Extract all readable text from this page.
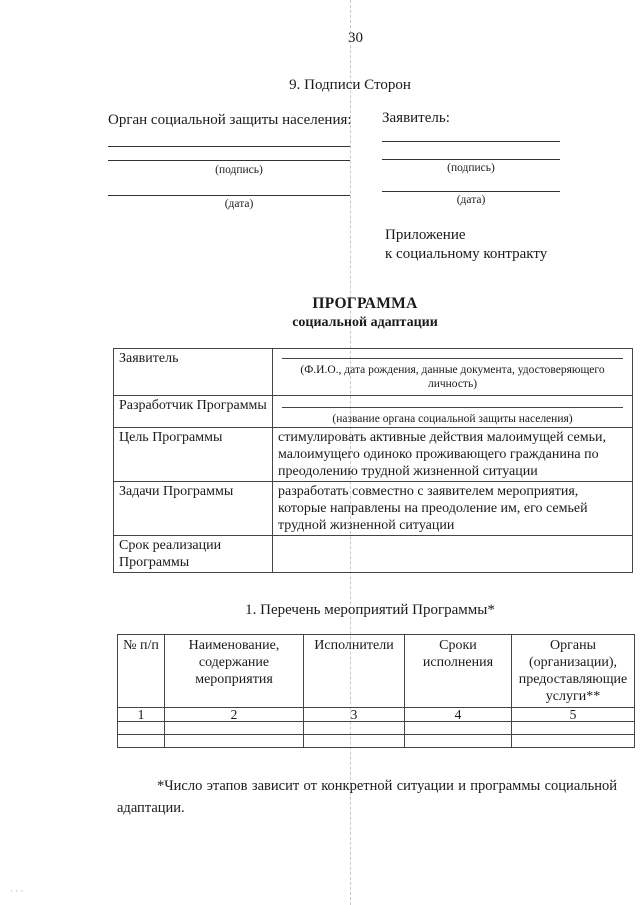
30
9. Подписи Сторон
Орган социальной защиты населения: Заявитель:
(подпись)
(дата)
(подпись)
(дата)
Приложение
к социальному контракту
ПРОГРАММА
социальной адаптации
Заявитель	(Ф.И.О., дата рождения, данные документа, удостоверяющего личность)

Разработчик Программы	(название органа социальной защиты населения)

Цель Программы	стимулировать активные действия малоимущей семьи, малоимущего одиноко проживающего гражданина по преодолению трудной жизненной ситуации
Задачи Программы	разработать совместно с заявителем мероприятия, которые направлены на преодоление им, его семьей трудной жизненной ситуации
Срок реализации Программы	
1. Перечень мероприятий Программы*
№ п/п	Наименование, содержание мероприятия	Исполнители	Сроки исполнения	Органы (организации), предоставляющие услуги**
1	2	3	4	5

*Число этапов зависит от конкретной ситуации и программы социальной адаптации.
· · ·
